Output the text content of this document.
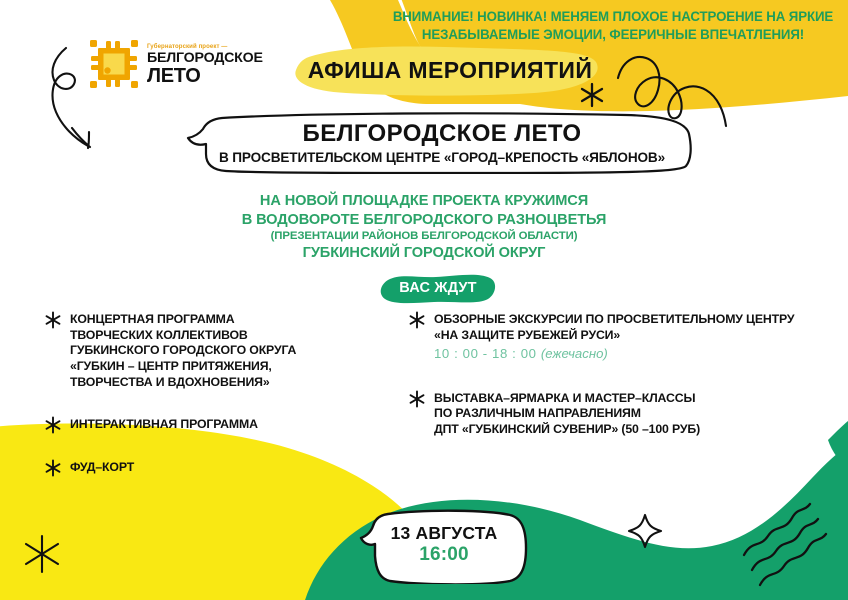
Губернаторский проект —
БЕЛГОРОДСКОЕ
ЛЕТО
ВНИМАНИЕ! НОВИНКА! МЕНЯЕМ ПЛОХОЕ НАСТРОЕНИЕ НА ЯРКИЕ
НЕЗАБЫВАЕМЫЕ ЭМОЦИИ, ФЕЕРИЧНЫЕ ВПЕЧАТЛЕНИЯ!
АФИША МЕРОПРИЯТИЙ
БЕЛГОРОДСКОЕ ЛЕТО
В ПРОСВЕТИТЕЛЬСКОМ ЦЕНТРЕ «ГОРОД–КРЕПОСТЬ «ЯБЛОНОВ»
НА НОВОЙ ПЛОЩАДКЕ ПРОЕКТА КРУЖИМСЯ
В ВОДОВОРОТЕ БЕЛГОРОДСКОГО РАЗНОЦВЕТЬЯ
(ПРЕЗЕНТАЦИИ РАЙОНОВ БЕЛГОРОДСКОЙ ОБЛАСТИ)
ГУБКИНСКИЙ ГОРОДСКОЙ ОКРУГ
ВАС ЖДУТ
КОНЦЕРТНАЯ ПРОГРАММА
ТВОРЧЕСКИХ КОЛЛЕКТИВОВ
ГУБКИНСКОГО ГОРОДСКОГО ОКРУГА
«ГУБКИН – ЦЕНТР ПРИТЯЖЕНИЯ,
ТВОРЧЕСТВА И ВДОХНОВЕНИЯ»
ИНТЕРАКТИВНАЯ ПРОГРАММА
ФУД–КОРТ
ОБЗОРНЫЕ ЭКСКУРСИИ ПО ПРОСВЕТИТЕЛЬНОМУ ЦЕНТРУ
«НА ЗАЩИТЕ РУБЕЖЕЙ РУСИ»
10 : 00 - 18 : 00 (ежечасно)
ВЫСТАВКА–ЯРМАРКА И МАСТЕР–КЛАССЫ
ПО РАЗЛИЧНЫМ НАПРАВЛЕНИЯМ
ДПТ «ГУБКИНСКИЙ СУВЕНИР» (50 –100 РУБ)
13 АВГУСТА
16:00
